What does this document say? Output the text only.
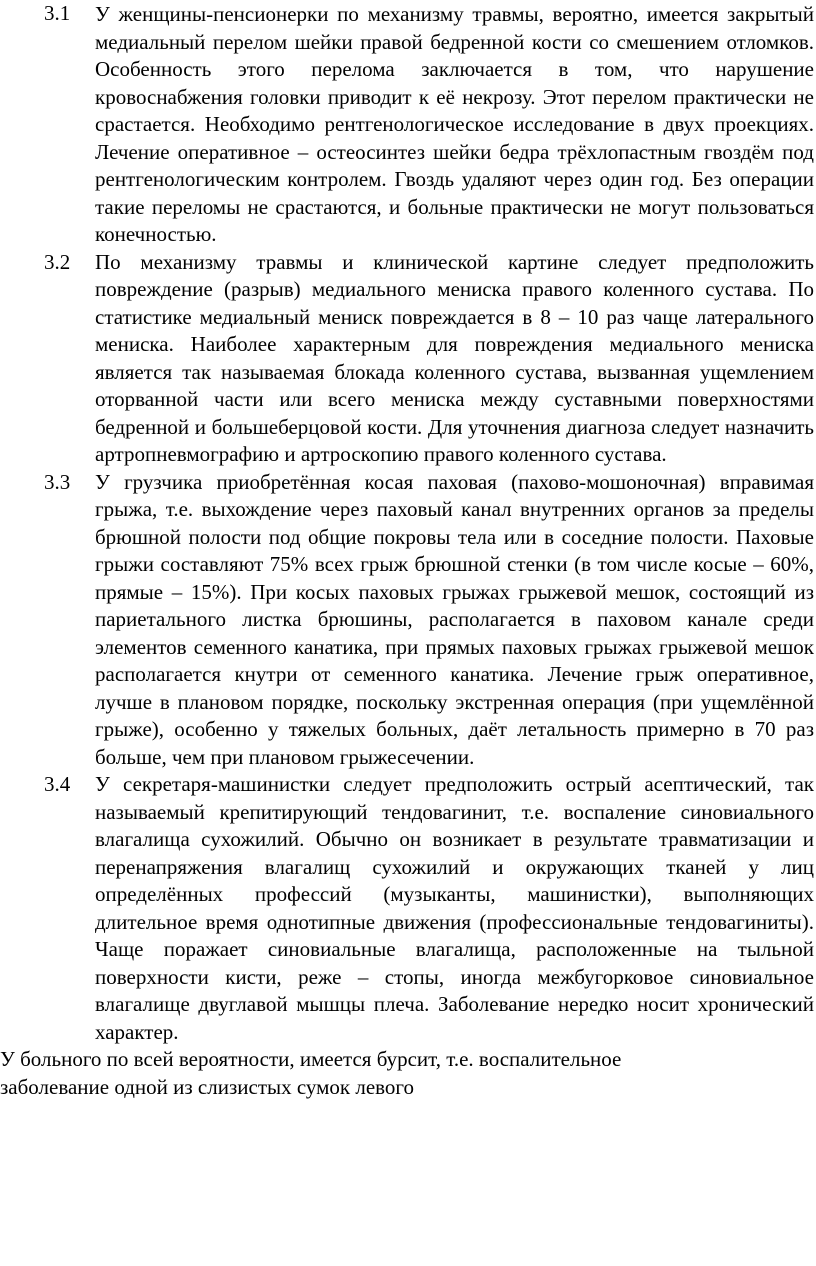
3.1 У женщины-пенсионерки по механизму травмы, вероятно, имеется закрытый медиальный перелом шейки правой бедренной кости со смешением отломков. Особенность этого перелома заключается в том, что нарушение кровоснабжения головки приводит к её некрозу. Этот перелом практически не срастается. Необходимо рентгенологическое исследование в двух проекциях. Лечение оперативное – остеосинтез шейки бедра трёхлопастным гвоздём под рентгенологическим контролем. Гвоздь удаляют через один год. Без операции такие переломы не срастаются, и больные практически не могут пользоваться конечностью.
3.2 По механизму травмы и клинической картине следует предположить повреждение (разрыв) медиального мениска правого коленного сустава. По статистике медиальный мениск повреждается в 8 – 10 раз чаще латерального мениска. Наиболее характерным для повреждения медиального мениска является так называемая блокада коленного сустава, вызванная ущемлением оторванной части или всего мениска между суставными поверхностями бедренной и большеберцовой кости. Для уточнения диагноза следует назначить артропневмографию и артроскопию правого коленного сустава.
3.3 У грузчика приобретённая косая паховая (пахово-мошоночная) вправимая грыжа, т.е. выхождение через паховый канал внутренних органов за пределы брюшной полости под общие покровы тела или в соседние полости. Паховые грыжи составляют 75% всех грыж брюшной стенки (в том числе косые – 60%, прямые – 15%). При косых паховых грыжах грыжевой мешок, состоящий из париетального листка брюшины, располагается в паховом канале среди элементов семенного канатика, при прямых паховых грыжах грыжевой мешок располагается кнутри от семенного канатика. Лечение грыж оперативное, лучше в плановом порядке, поскольку экстренная операция (при ущемлённой грыже), особенно у тяжелых больных, даёт летальность примерно в 70 раз больше, чем при плановом грыжесечении.
3.4 У секретаря-машинистки следует предположить острый асептический, так называемый крепитирующий тендовагинит, т.е. воспаление синовиального влагалища сухожилий. Обычно он возникает в результате травматизации и перенапряжения влагалищ сухожилий и окружающих тканей у лиц определённых профессий (музыканты, машинистки), выполняющих длительное время однотипные движения (профессиональные тендовагиниты). Чаще поражает синовиальные влагалища, расположенные на тыльной поверхности кисти, реже – стопы, иногда межбугорковое синовиальное влагалище двуглавой мышцы плеча. Заболевание нередко носит хронический характер.
У больного по всей вероятности, имеется бурсит, т.е. воспалительное
заболевание одной из слизистых сумок левого
